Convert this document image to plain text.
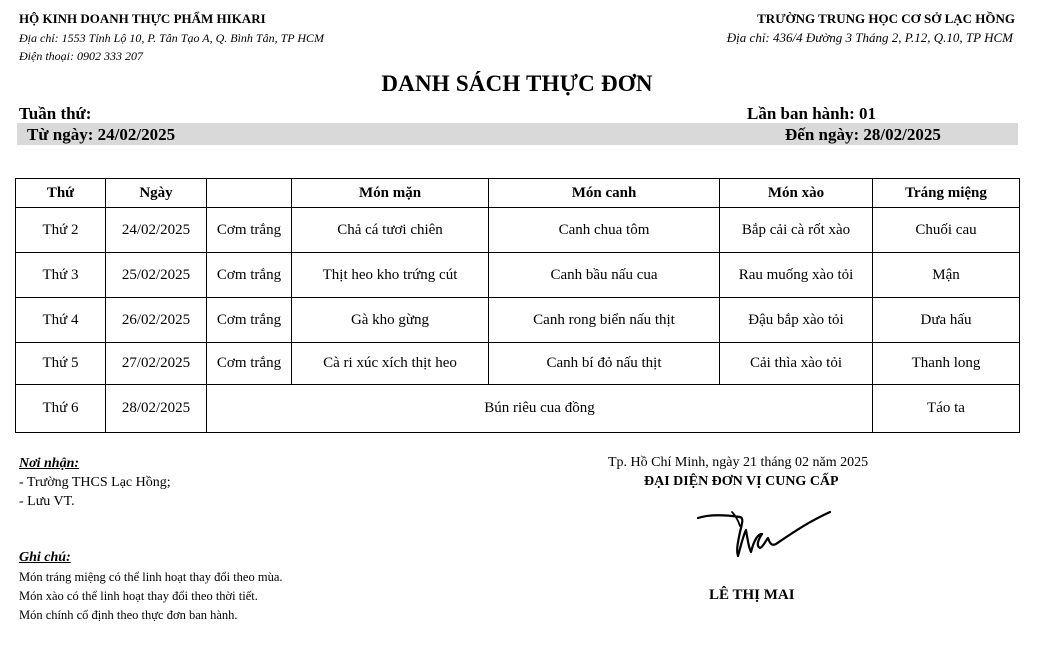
HỘ KINH DOANH THỰC PHẨM HIKARI
Địa chỉ: 1553 Tỉnh Lộ 10, P. Tân Tạo A, Q. Bình Tân, TP HCM
Điện thoại: 0902 333 207
TRƯỜNG TRUNG HỌC CƠ SỞ LẠC HỒNG
Địa chỉ: 436/4 Đường 3 Tháng 2, P.12, Q.10, TP HCM
DANH SÁCH THỰC ĐƠN
Tuần thứ:	Lần ban hành: 01
Từ ngày: 24/02/2025	Đến ngày: 28/02/2025
Thứ	Ngày		Món mặn	Món canh	Món xào	Tráng miệng
Thứ 2	24/02/2025	Cơm trắng	Chả cá tươi chiên	Canh chua tôm	Bắp cải cà rốt xào	Chuối cau
Thứ 3	25/02/2025	Cơm trắng	Thịt heo kho trứng cút	Canh bầu nấu cua	Rau muống xào tỏi	Mận
Thứ 4	26/02/2025	Cơm trắng	Gà kho gừng	Canh rong biển nấu thịt	Đậu bắp xào tỏi	Dưa hấu
Thứ 5	27/02/2025	Cơm trắng	Cà ri xúc xích thịt heo	Canh bí đỏ nấu thịt	Cải thìa xào tỏi	Thanh long
Thứ 6	28/02/2025	Bún riêu cua đồng				Táo ta
Nơi nhận:
- Trường THCS Lạc Hồng;
- Lưu VT.
Ghi chú:
Món tráng miệng có thể linh hoạt thay đổi theo mùa.
Món xào có thể linh hoạt thay đổi theo thời tiết.
Món chính cố định theo thực đơn ban hành.
Tp. Hồ Chí Minh, ngày 21 tháng 02 năm 2025
ĐẠI DIỆN ĐƠN VỊ CUNG CẤP
LÊ THỊ MAI
